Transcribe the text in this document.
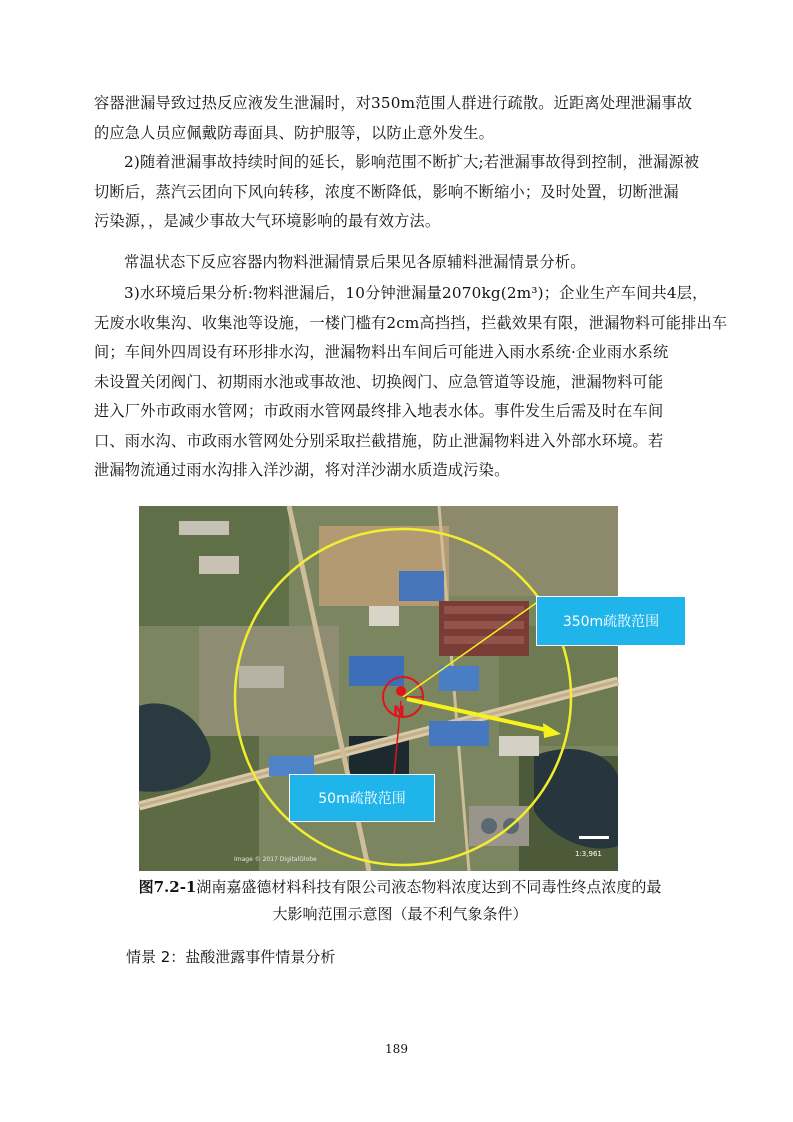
容器泄漏导致过热反应液发生泄漏时，对350m范围人群进行疏散。近距离处理泄漏事故
的应急人员应佩戴防毒面具、防护服等，以防止意外发生。

2)随着泄漏事故持续时间的延长，影响范围不断扩大;若泄漏事故得到控制，泄漏源被
切断后，蒸汽云团向下风向转移，浓度不断降低，影响不断缩小；及时处置，切断泄漏
污染源，，是减少事故大气环境影响的最有效方法。

常温状态下反应容器内物料泄漏情景后果见各原辅料泄漏情景分析。

3)水环境后果分析:物料泄漏后，10分钟泄漏量2070kg(2m³)；企业生产车间共4层，
无废水收集沟、收集池等设施，一楼门槛有2cm高挡挡，拦截效果有限，泄漏物料可能排出车
间；车间外四周设有环形排水沟，泄漏物料出车间后可能进入雨水系统·企业雨水系统
未设置关闭阀门、初期雨水池或事故池、切换阀门、应急管道等设施，泄漏物料可能
进入厂外市政雨水管网；市政雨水管网最终排入地表水体。事件发生后需及时在车间
口、雨水沟、市政雨水管网处分别采取拦截措施，防止泄漏物料进入外部水环境。若
泄漏物流通过雨水沟排入洋沙湖，将对洋沙湖水质造成污染。

N
1:3,961
Image © 2017 DigitalGlobe
350m疏散范围
50m疏散范围
图7.2-1湖南嘉盛德材料科技有限公司液态物料浓度达到不同毒性终点浓度的最
大影响范围示意图（最不利气象条件）
情景 2：盐酸泄露事件情景分析
189
